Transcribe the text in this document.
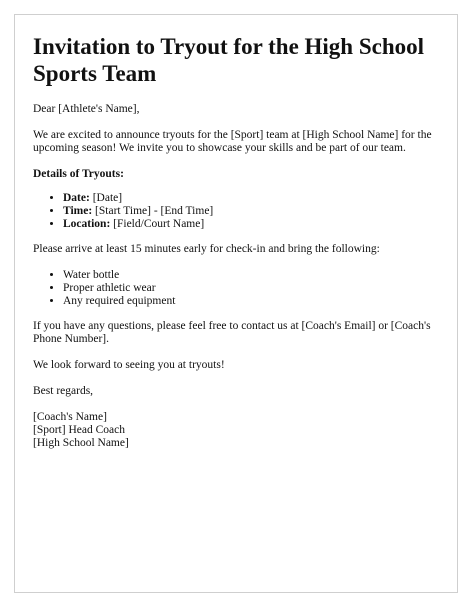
Invitation to Tryout for the High School Sports Team

Dear [Athlete's Name],

We are excited to announce tryouts for the [Sport] team at [High School Name] for the upcoming season! We invite you to showcase your skills and be part of our team.

Details of Tryouts:

• Date: [Date]
• Time: [Start Time] - [End Time]
• Location: [Field/Court Name]

Please arrive at least 15 minutes early for check-in and bring the following:

• Water bottle
• Proper athletic wear
• Any required equipment

If you have any questions, please feel free to contact us at [Coach's Email] or [Coach's Phone Number].

We look forward to seeing you at tryouts!

Best regards,

[Coach's Name]
[Sport] Head Coach
[High School Name]
